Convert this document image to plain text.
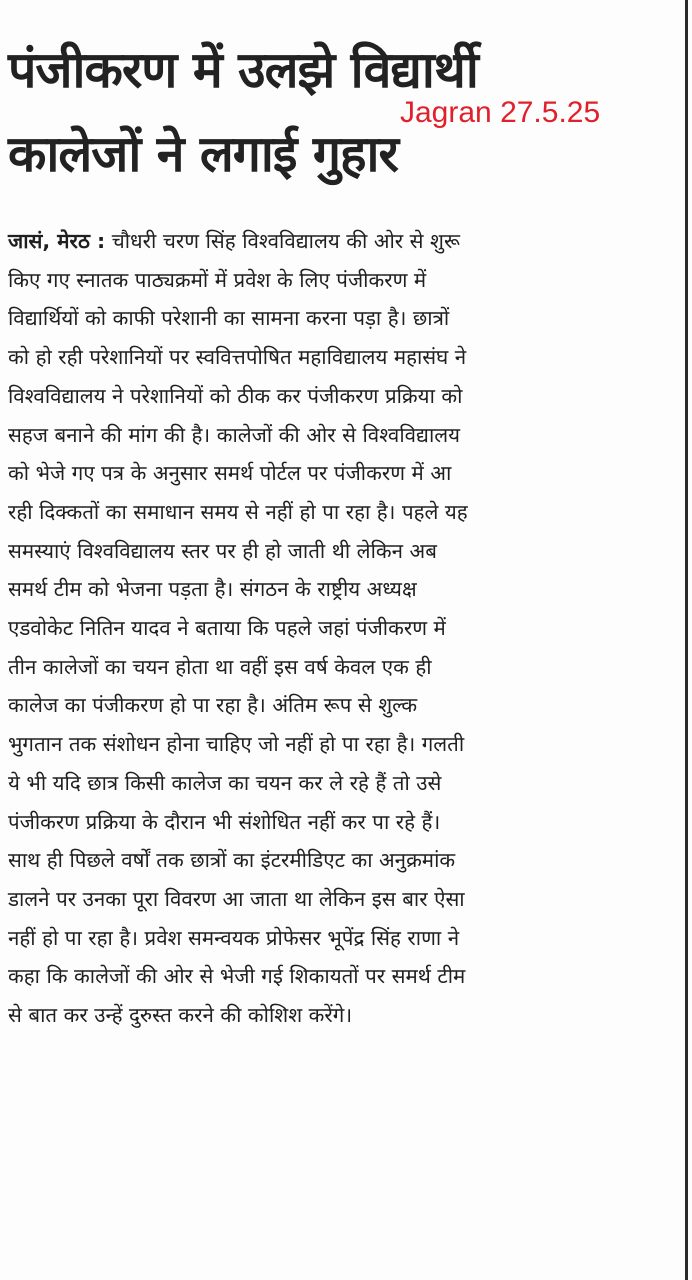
पंजीकरण में उलझे विद्यार्थी
कालेजों ने लगाई गुहार
Jagran 27.5.25
जासं, मेरठ : चौधरी चरण सिंह विश्वविद्यालय की ओर से शुरू
किए गए स्नातक पाठ्यक्रमों में प्रवेश के लिए पंजीकरण में
विद्यार्थियों को काफी परेशानी का सामना करना पड़ा है। छात्रों
को हो रही परेशानियों पर स्ववित्तपोषित महाविद्यालय महासंघ ने
विश्वविद्यालय ने परेशानियों को ठीक कर पंजीकरण प्रक्रिया को
सहज बनाने की मांग की है। कालेजों की ओर से विश्वविद्यालय
को भेजे गए पत्र के अनुसार समर्थ पोर्टल पर पंजीकरण में आ
रही दिक्कतों का समाधान समय से नहीं हो पा रहा है। पहले यह
समस्याएं विश्वविद्यालय स्तर पर ही हो जाती थी लेकिन अब
समर्थ टीम को भेजना पड़ता है। संगठन के राष्ट्रीय अध्यक्ष
एडवोकेट नितिन यादव ने बताया कि पहले जहां पंजीकरण में
तीन कालेजों का चयन होता था वहीं इस वर्ष केवल एक ही
कालेज का पंजीकरण हो पा रहा है। अंतिम रूप से शुल्क
भुगतान तक संशोधन होना चाहिए जो नहीं हो पा रहा है। गलती
ये भी यदि छात्र किसी कालेज का चयन कर ले रहे हैं तो उसे
पंजीकरण प्रक्रिया के दौरान भी संशोधित नहीं कर पा रहे हैं।
साथ ही पिछले वर्षों तक छात्रों का इंटरमीडिएट का अनुक्रमांक
डालने पर उनका पूरा विवरण आ जाता था लेकिन इस बार ऐसा
नहीं हो पा रहा है। प्रवेश समन्वयक प्रोफेसर भूपेंद्र सिंह राणा ने
कहा कि कालेजों की ओर से भेजी गई शिकायतों पर समर्थ टीम
से बात कर उन्हें दुरुस्त करने की कोशिश करेंगे।
